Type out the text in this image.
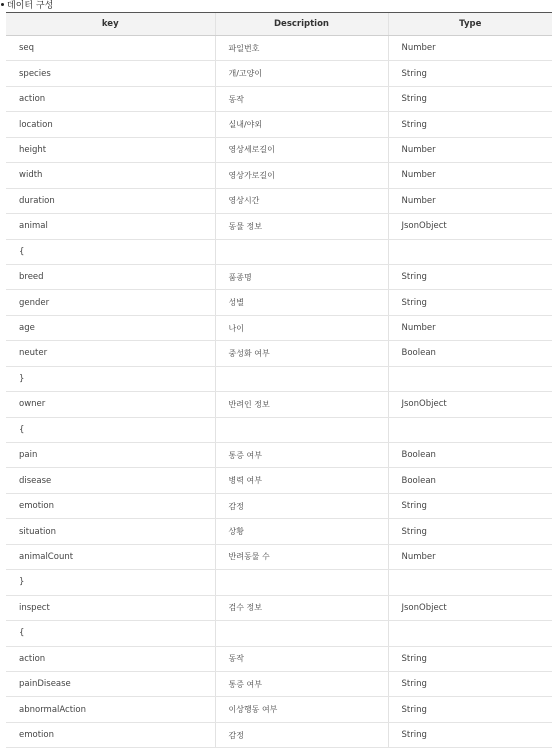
데이터 구성
key	Description	Type
seq	파일번호	Number
species	개/고양이	String
action	동작	String
location	실내/야외	String
height	영상세로길이	Number
width	영상가로길이	Number
duration	영상시간	Number
animal	동물 정보	JsonObject
{		
breed	품종명	String
gender	성별	String
age	나이	Number
neuter	중성화 여부	Boolean
}		
owner	반려인 정보	JsonObject
{		
pain	통증 여부	Boolean
disease	병력 여부	Boolean
emotion	감정	String
situation	상황	String
animalCount	반려동물 수	Number
}		
inspect	검수 정보	JsonObject
{		
action	동작	String
painDisease	통증 여부	String
abnormalAction	이상행동 여부	String
emotion	감정	String
